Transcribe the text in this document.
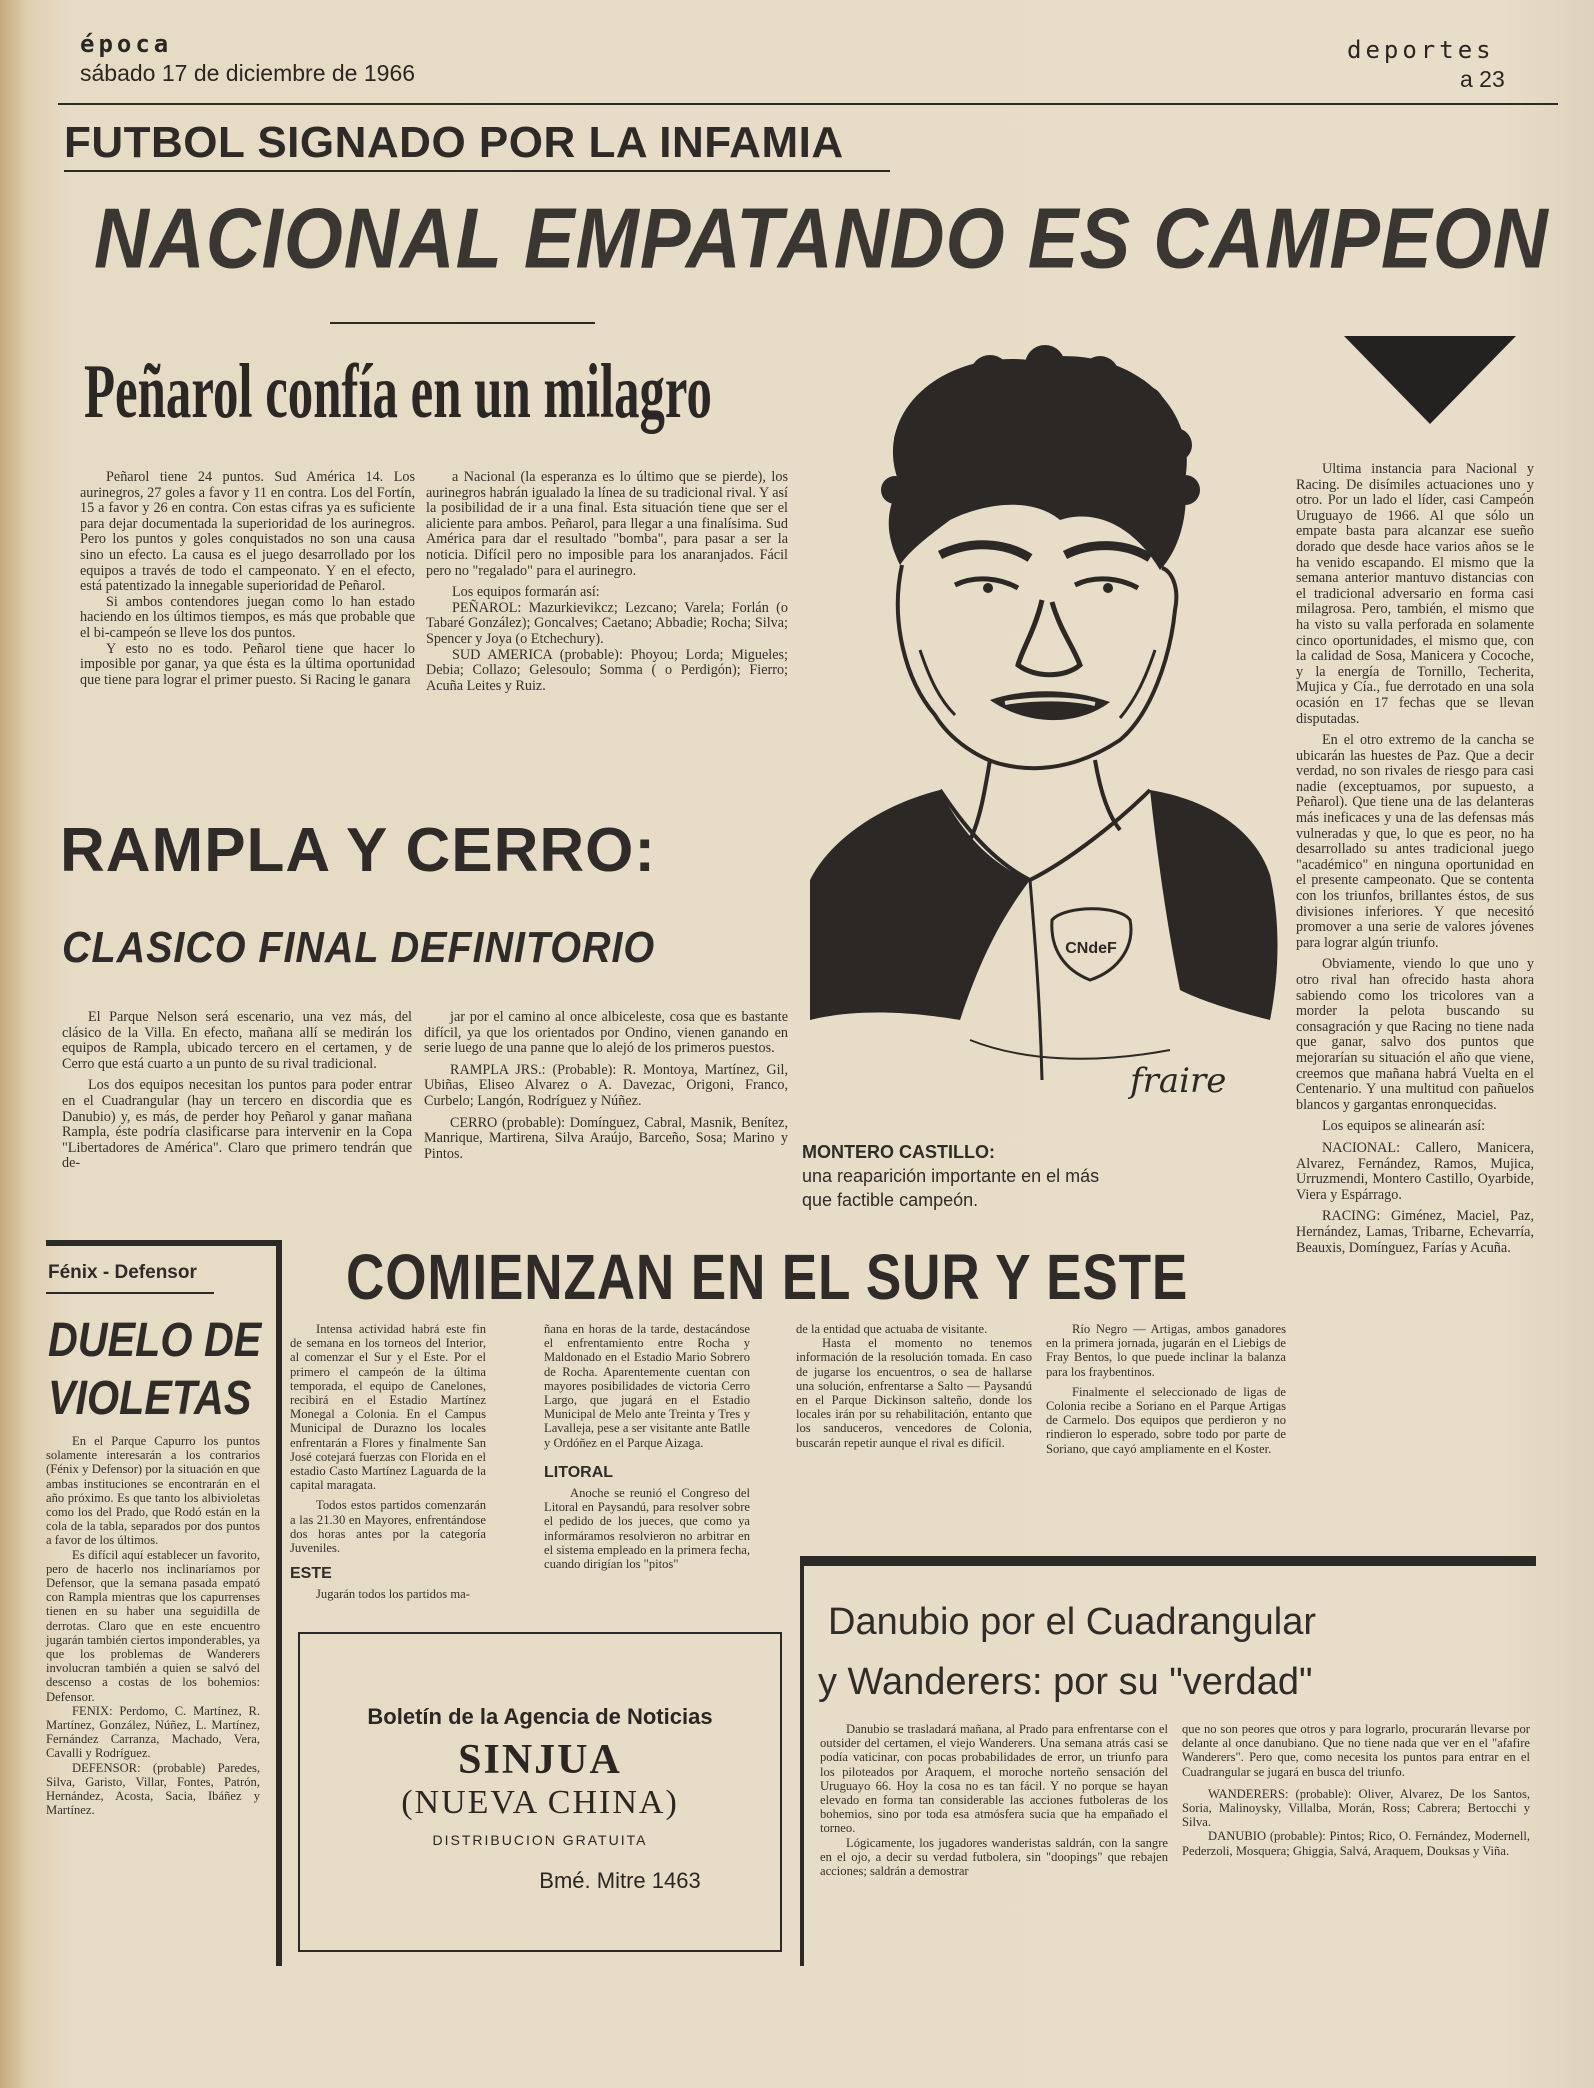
época
sábado 17 de diciembre de 1966
deportes
a 23
FUTBOL SIGNADO POR LA INFAMIA
NACIONAL EMPATANDO ES CAMPEON
Peñarol confía en un milagro

Peñarol tiene 24 puntos. Sud América 14. Los aurinegros, 27 goles a favor y 11 en contra. Los del Fortín, 15 a favor y 26 en contra. Con estas cifras ya es suficiente para dejar documentada la superioridad de los aurinegros. Pero los puntos y goles conquistados no son una causa sino un efecto. La causa es el juego desarrollado por los equipos a través de todo el campeonato. Y en el efecto, está patentizado la innegable superioridad de Peñarol.

Si ambos contendores juegan como lo han estado haciendo en los últimos tiempos, es más que probable que el bi-campeón se lleve los dos puntos.

Y esto no es todo. Peñarol tiene que hacer lo imposible por ganar, ya que ésta es la última oportunidad que tiene para lograr el primer puesto. Si Racing le ganara

a Nacional (la esperanza es lo último que se pierde), los aurinegros habrán igualado la línea de su tradicional rival. Y así la posibilidad de ir a una final. Esta situación tiene que ser el aliciente para ambos. Peñarol, para llegar a una finalísima. Sud América para dar el resultado "bomba", para pasar a ser la noticia. Difícil pero no imposible para los anaranjados. Fácil pero no "regalado" para el aurinegro.

Los equipos formarán así:

PEÑAROL: Mazurkievikcz; Lezcano; Varela; Forlán (o Tabaré González); Goncalves; Caetano; Abbadie; Rocha; Silva; Spencer y Joya (o Etchechury).

SUD AMERICA (probable): Phoyou; Lorda; Migueles; Debia; Collazo; Gelesoulo; Somma ( o Perdigón); Fierro; Acuña Leites y Ruiz.

RAMPLA Y CERRO:
CLASICO FINAL DEFINITORIO

El Parque Nelson será escenario, una vez más, del clásico de la Villa. En efecto, mañana allí se medirán los equipos de Rampla, ubicado tercero en el certamen, y de Cerro que está cuarto a un punto de su rival tradicional.

Los dos equipos necesitan los puntos para poder entrar en el Cuadrangular (hay un tercero en discordia que es Danubio) y, es más, de perder hoy Peñarol y ganar mañana Rampla, éste podría clasificarse para intervenir en la Copa "Libertadores de América". Claro que primero tendrán que de-

jar por el camino al once albiceleste, cosa que es bastante difícil, ya que los orientados por Ondino, vienen ganando en serie luego de una panne que lo alejó de los primeros puestos.

RAMPLA JRS.: (Probable): R. Montoya, Martínez, Gil, Ubiñas, Eliseo Alvarez o A. Davezac, Origoni, Franco, Curbelo; Langón, Rodríguez y Núñez.

CERRO (probable): Domínguez, Cabral, Masnik, Benítez, Manrique, Martirena, Silva Araújo, Barceño, Sosa; Marino y Pintos.

CNdeF
fraire
MONTERO CASTILLO:
una reaparición importante en el más
que factible campeón.

Ultima instancia para Nacional y Racing. De disímiles actuaciones uno y otro. Por un lado el líder, casi Campeón Uruguayo de 1966. Al que sólo un empate basta para alcanzar ese sueño dorado que desde hace varios años se le ha venido escapando. El mismo que la semana anterior mantuvo distancias con el tradicional adversario en forma casi milagrosa. Pero, también, el mismo que ha visto su valla perforada en solamente cinco oportunidades, el mismo que, con la calidad de Sosa, Manicera y Cocoche, y la energía de Tornillo, Techerita, Mujica y Cía., fue derrotado en una sola ocasión en 17 fechas que se llevan disputadas.

En el otro extremo de la cancha se ubicarán las huestes de Paz. Que a decir verdad, no son rivales de riesgo para casi nadie (exceptuamos, por supuesto, a Peñarol). Que tiene una de las delanteras más ineficaces y una de las defensas más vulneradas y que, lo que es peor, no ha desarrollado su antes tradicional juego "académico" en ninguna oportunidad en el presente campeonato. Que se contenta con los triunfos, brillantes éstos, de sus divisiones inferiores. Y que necesitó promover a una serie de valores jóvenes para lograr algún triunfo.

Obviamente, viendo lo que uno y otro rival han ofrecido hasta ahora sabiendo como los tricolores van a morder la pelota buscando su consagración y que Racing no tiene nada que ganar, salvo dos puntos que mejorarían su situación el año que viene, creemos que mañana habrá Vuelta en el Centenario. Y una multitud con pañuelos blancos y gargantas enronquecidas.

Los equipos se alinearán así:

NACIONAL: Callero, Manicera, Alvarez, Fernández, Ramos, Mujica, Urruzmendi, Montero Castillo, Oyarbide, Viera y Espárrago.

RACING: Giménez, Maciel, Paz, Hernández, Lamas, Tribarne, Echevarría, Beauxis, Domínguez, Farías y Acuña.

Fénix - Defensor
DUELO DE
VIOLETAS

En el Parque Capurro los puntos solamente interesarán a los contrarios (Fénix y Defensor) por la situación en que ambas instituciones se encontrarán en el año próximo. Es que tanto los albivioletas como los del Prado, que Rodó están en la cola de la tabla, separados por dos puntos a favor de los últimos.

Es difícil aquí establecer un favorito, pero de hacerlo nos inclinaríamos por Defensor, que la semana pasada empató con Rampla mientras que los capurrenses tienen en su haber una seguidilla de derrotas. Claro que en este encuentro jugarán también ciertos imponderables, ya que los problemas de Wanderers involucran también a quien se salvó del descenso a costas de los bohemios: Defensor.

FENIX: Perdomo, C. Martínez, R. Martínez, González, Núñez, L. Martínez, Fernández Carranza, Machado, Vera, Cavalli y Rodríguez.

DEFENSOR: (probable) Paredes, Silva, Garisto, Villar, Fontes, Patrón, Hernández, Acosta, Sacia, Ibáñez y Martínez.

COMIENZAN EN EL SUR Y ESTE

Intensa actividad habrá este fin de semana en los torneos del Interior, al comenzar el Sur y el Este. Por el primero el campeón de la última temporada, el equipo de Canelones, recibirá en el Estadio Martínez Monegal a Colonia. En el Campus Municipal de Durazno los locales enfrentarán a Flores y finalmente San José cotejará fuerzas con Florida en el estadio Casto Martínez Laguarda de la capital maragata.

Todos estos partidos comenzarán a las 21.30 en Mayores, enfrentándose dos horas antes por la categoría Juveniles.

ESTE

Jugarán todos los partidos ma-

ñana en horas de la tarde, destacándose el enfrentamiento entre Rocha y Maldonado en el Estadio Mario Sobrero de Rocha. Aparentemente cuentan con mayores posibilidades de victoria Cerro Largo, que jugará en el Estadio Municipal de Melo ante Treinta y Tres y Lavalleja, pese a ser visitante ante Batlle y Ordóñez en el Parque Aizaga.

LITORAL

Anoche se reunió el Congreso del Litoral en Paysandú, para resolver sobre el pedido de los jueces, que como ya informáramos resolvieron no arbitrar en el sistema empleado en la primera fecha, cuando dirigían los "pitos"

de la entidad que actuaba de visitante.

Hasta el momento no tenemos información de la resolución tomada. En caso de jugarse los encuentros, o sea de hallarse una solución, enfrentarse a Salto — Paysandú en el Parque Dickinson salteño, donde los locales irán por su rehabilitación, entanto que los sanduceros, vencedores de Colonia, buscarán repetir aunque el rival es difícil.

Río Negro — Artigas, ambos ganadores en la primera jornada, jugarán en el Liebigs de Fray Bentos, lo que puede inclinar la balanza para los fraybentinos.

Finalmente el seleccionado de ligas de Colonia recibe a Soriano en el Parque Artigas de Carmelo. Dos equipos que perdieron y no rindieron lo esperado, sobre todo por parte de Soriano, que cayó ampliamente en el Koster.

Boletín de la Agencia de Noticias
SINJUA
(NUEVA CHINA)
DISTRIBUCION GRATUITA
Bmé. Mitre 1463
Danubio por el Cuadrangular
y Wanderers: por su "verdad"

Danubio se trasladará mañana, al Prado para enfrentarse con el outsider del certamen, el viejo Wanderers. Una semana atrás casi se podía vaticinar, con pocas probabilidades de error, un triunfo para los piloteados por Araquem, el moroche norteño sensación del Uruguayo 66. Hoy la cosa no es tan fácil. Y no porque se hayan elevado en forma tan considerable las acciones futboleras de los bohemios, sino por toda esa atmósfera sucia que ha empañado el torneo.

Lógicamente, los jugadores wanderistas saldrán, con la sangre en el ojo, a decir su verdad futbolera, sin "doopings" que rebajen acciones; saldrán a demostrar

que no son peores que otros y para lograrlo, procurarán llevarse por delante al once danubiano. Que no tiene nada que ver en el "afafire Wanderers". Pero que, como necesita los puntos para entrar en el Cuadrangular se jugará en busca del triunfo.

WANDERERS: (probable): Oliver, Alvarez, De los Santos, Soria, Malinoysky, Villalba, Morán, Ross; Cabrera; Bertocchi y Silva.

DANUBIO (probable): Pintos; Rico, O. Fernández, Modernell, Pederzoli, Mosquera; Ghiggia, Salvá, Araquem, Douksas y Viña.
